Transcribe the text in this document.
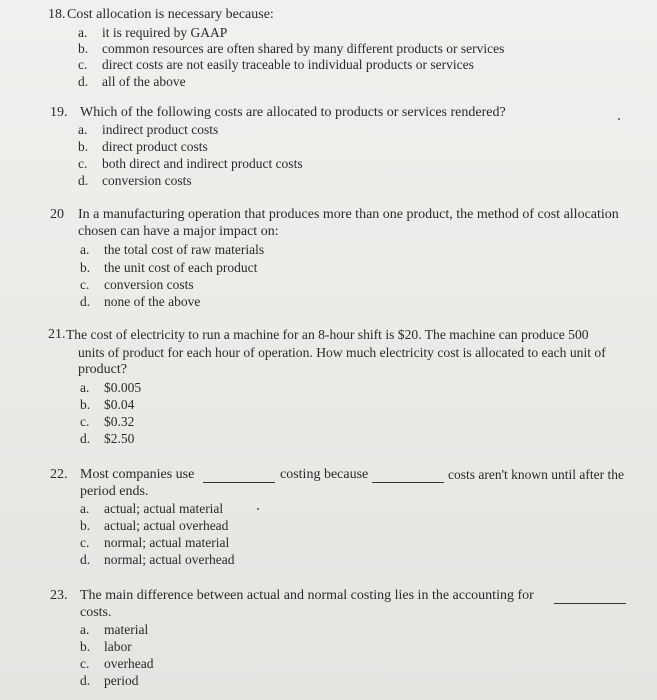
18. Cost allocation is necessary because:
a. it is required by GAAP
b. common resources are often shared by many different products or services
c. direct costs are not easily traceable to individual products or services
d. all of the above
19. Which of the following costs are allocated to products or services rendered?
a. indirect product costs
b. direct product costs
c. both direct and indirect product costs
d. conversion costs
20 In a manufacturing operation that produces more than one product, the method of cost allocation
chosen can have a major impact on:
a. the total cost of raw materials
b. the unit cost of each product
c. conversion costs
d. none of the above
21. The cost of electricity to run a machine for an 8-hour shift is $20. The machine can produce 500
units of product for each hour of operation. How much electricity cost is allocated to each unit of
product?
a. $0.005
b. $0.04
c. $0.32
d. $2.50
22. Most companies use	costing because	costs aren't known until after the
period ends.
a. actual; actual material
b. actual; actual overhead
c. normal; actual material
d. normal; actual overhead
23. The main difference between actual and normal costing lies in the accounting for
costs.
a. material
b. labor
c. overhead
d. period
